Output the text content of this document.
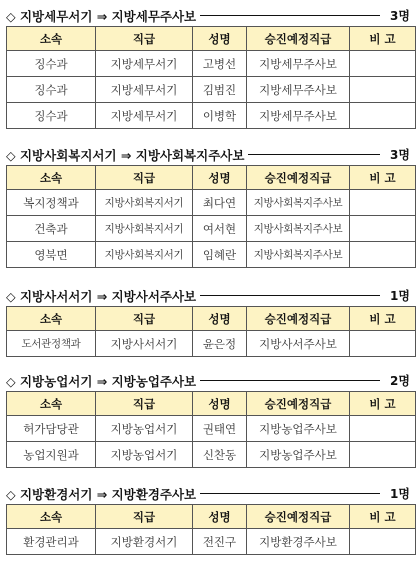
◇ 지방세무서기 ⇒ 지방세무주사보	3명
소속	직급	성명	승진예정직급	비 고
징수과	지방세무서기	고병선	지방세무주사보	
징수과	지방세무서기	김범진	지방세무주사보	
징수과	지방세무서기	이병학	지방세무주사보	
◇ 지방사회복지서기 ⇒ 지방사회복지주사보	3명
소속	직급	성명	승진예정직급	비 고
복지정책과	지방사회복지서기	최다연	지방사회복지주사보	
건축과	지방사회복지서기	여서현	지방사회복지주사보	
영북면	지방사회복지서기	임혜란	지방사회복지주사보	
◇ 지방사서서기 ⇒ 지방사서주사보	1명
소속	직급	성명	승진예정직급	비 고
도서관정책과	지방사서서기	윤은정	지방사서주사보	
◇ 지방농업서기 ⇒ 지방농업주사보	2명
소속	직급	성명	승진예정직급	비 고
허가담당관	지방농업서기	권태연	지방농업주사보	
농업지원과	지방농업서기	신찬동	지방농업주사보	
◇ 지방환경서기 ⇒ 지방환경주사보	1명
소속	직급	성명	승진예정직급	비 고
환경관리과	지방환경서기	전진구	지방환경주사보	
